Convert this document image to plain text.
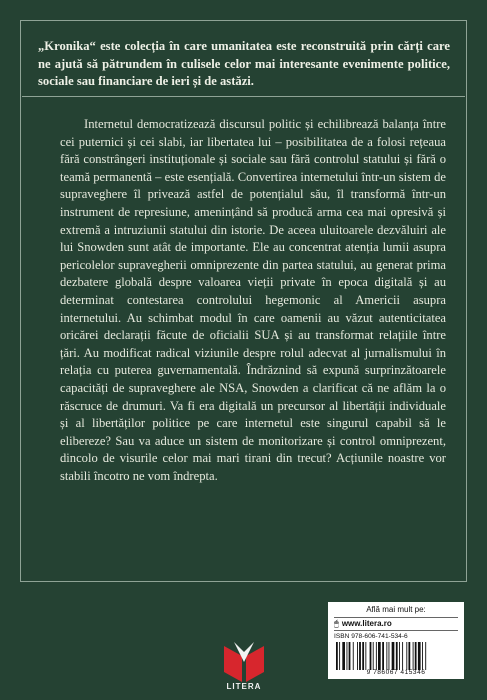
„Kronika“ este colecția în care umanitatea este reconstruită prin cărți care ne ajută să pătrundem în culisele celor mai interesante evenimente politice, sociale sau financiare de ieri și de astăzi.

Internetul democratizează discursul politic și echilibrează balanța între cei puternici și cei slabi, iar libertatea lui – posibilitatea de a folosi rețeaua fără constrângeri instituționale și sociale sau fără controlul statului și fără o teamă permanentă – este esențială. Convertirea internetului într-un sistem de supraveghere îl privează astfel de potențialul său, îl transformă într-un instrument de represiune, amenințând să producă arma cea mai opresivă și extremă a intruziunii statului din istorie. De aceea uluitoarele dezvăluiri ale lui Snowden sunt atât de importante. Ele au concentrat atenția lumii asupra pericolelor supravegherii omniprezente din partea statului, au generat prima dezbatere globală despre valoarea vieții private în epoca digitală și au determinat contestarea controlului hegemonic al Americii asupra internetului. Au schimbat modul în care oamenii au văzut autenticitatea oricărei declarații făcute de oficialii SUA și au transformat relațiile între țări. Au modificat radical viziunile despre rolul adecvat al jurnalismului în relația cu puterea guvernamentală. Îndrăznind să expună surprinzătoarele capacități de supraveghere ale NSA, Snowden a clarificat că ne aflăm la o răscruce de drumuri. Va fi era digitală un precursor al libertății individuale și al libertăților politice pe care internetul este singurul capabil să le elibereze? Sau va aduce un sistem de monitorizare și control omniprezent, dincolo de visurile celor mai mari tirani din trecut? Acțiunile noastre vor stabili încotro ne vom îndrepta.

Află mai mult pe:
🖱 www.litera.ro
ISBN 978-606-741-534-6
9 786067 415346
LITERA
